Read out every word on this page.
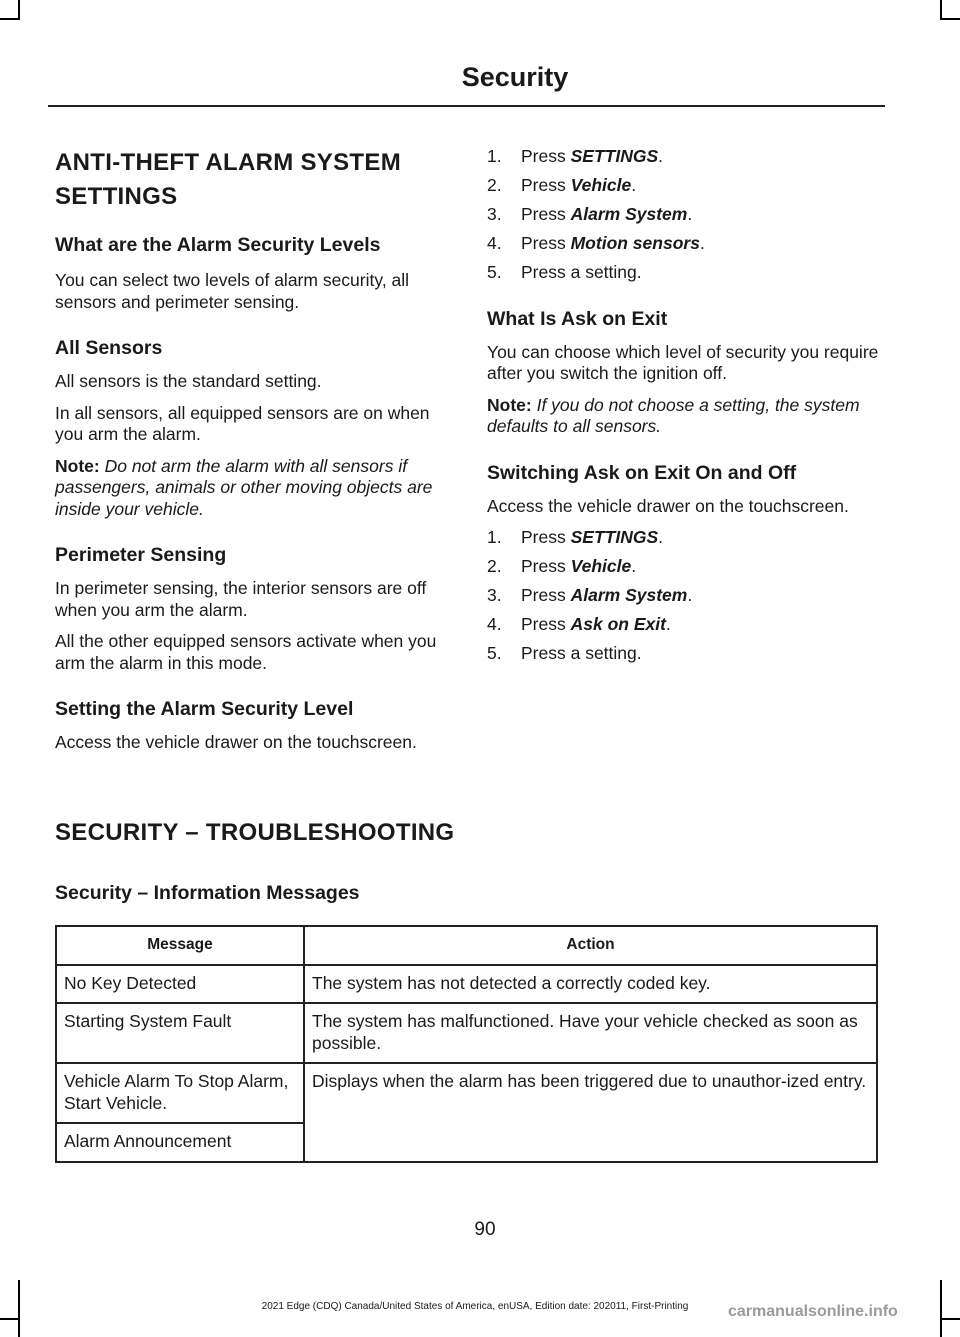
Security
ANTI-THEFT ALARM SYSTEM SETTINGS
What are the Alarm Security Levels

You can select two levels of alarm security, all sensors and perimeter sensing.

All Sensors

All sensors is the standard setting.

In all sensors, all equipped sensors are on when you arm the alarm.

Note: Do not arm the alarm with all sensors if passengers, animals or other moving objects are inside your vehicle.

Perimeter Sensing

In perimeter sensing, the interior sensors are off when you arm the alarm.

All the other equipped sensors activate when you arm the alarm in this mode.

Setting the Alarm Security Level

Access the vehicle drawer on the touchscreen.

1.	Press SETTINGS.
2.	Press Vehicle.
3.	Press Alarm System.
4.	Press Motion sensors.
5.	Press a setting.
What Is Ask on Exit

You can choose which level of security you require after you switch the ignition off.

Note: If you do not choose a setting, the system defaults to all sensors.

Switching Ask on Exit On and Off

Access the vehicle drawer on the touchscreen.

1.	Press SETTINGS.
2.	Press Vehicle.
3.	Press Alarm System.
4.	Press Ask on Exit.
5.	Press a setting.
SECURITY – TROUBLESHOOTING
Security – Information Messages
Message	Action
No Key Detected	The system has not detected a correctly coded key.
Starting System Fault	The system has malfunctioned. Have your vehicle checked as soon as possible.
Vehicle Alarm To Stop Alarm, Start Vehicle.	Displays when the alarm has been triggered due to unauthor-ized entry.
Alarm Announcement	
90
2021 Edge (CDQ) Canada/United States of America, enUSA, Edition date: 202011, First-Printing	carmanualsonline.info
